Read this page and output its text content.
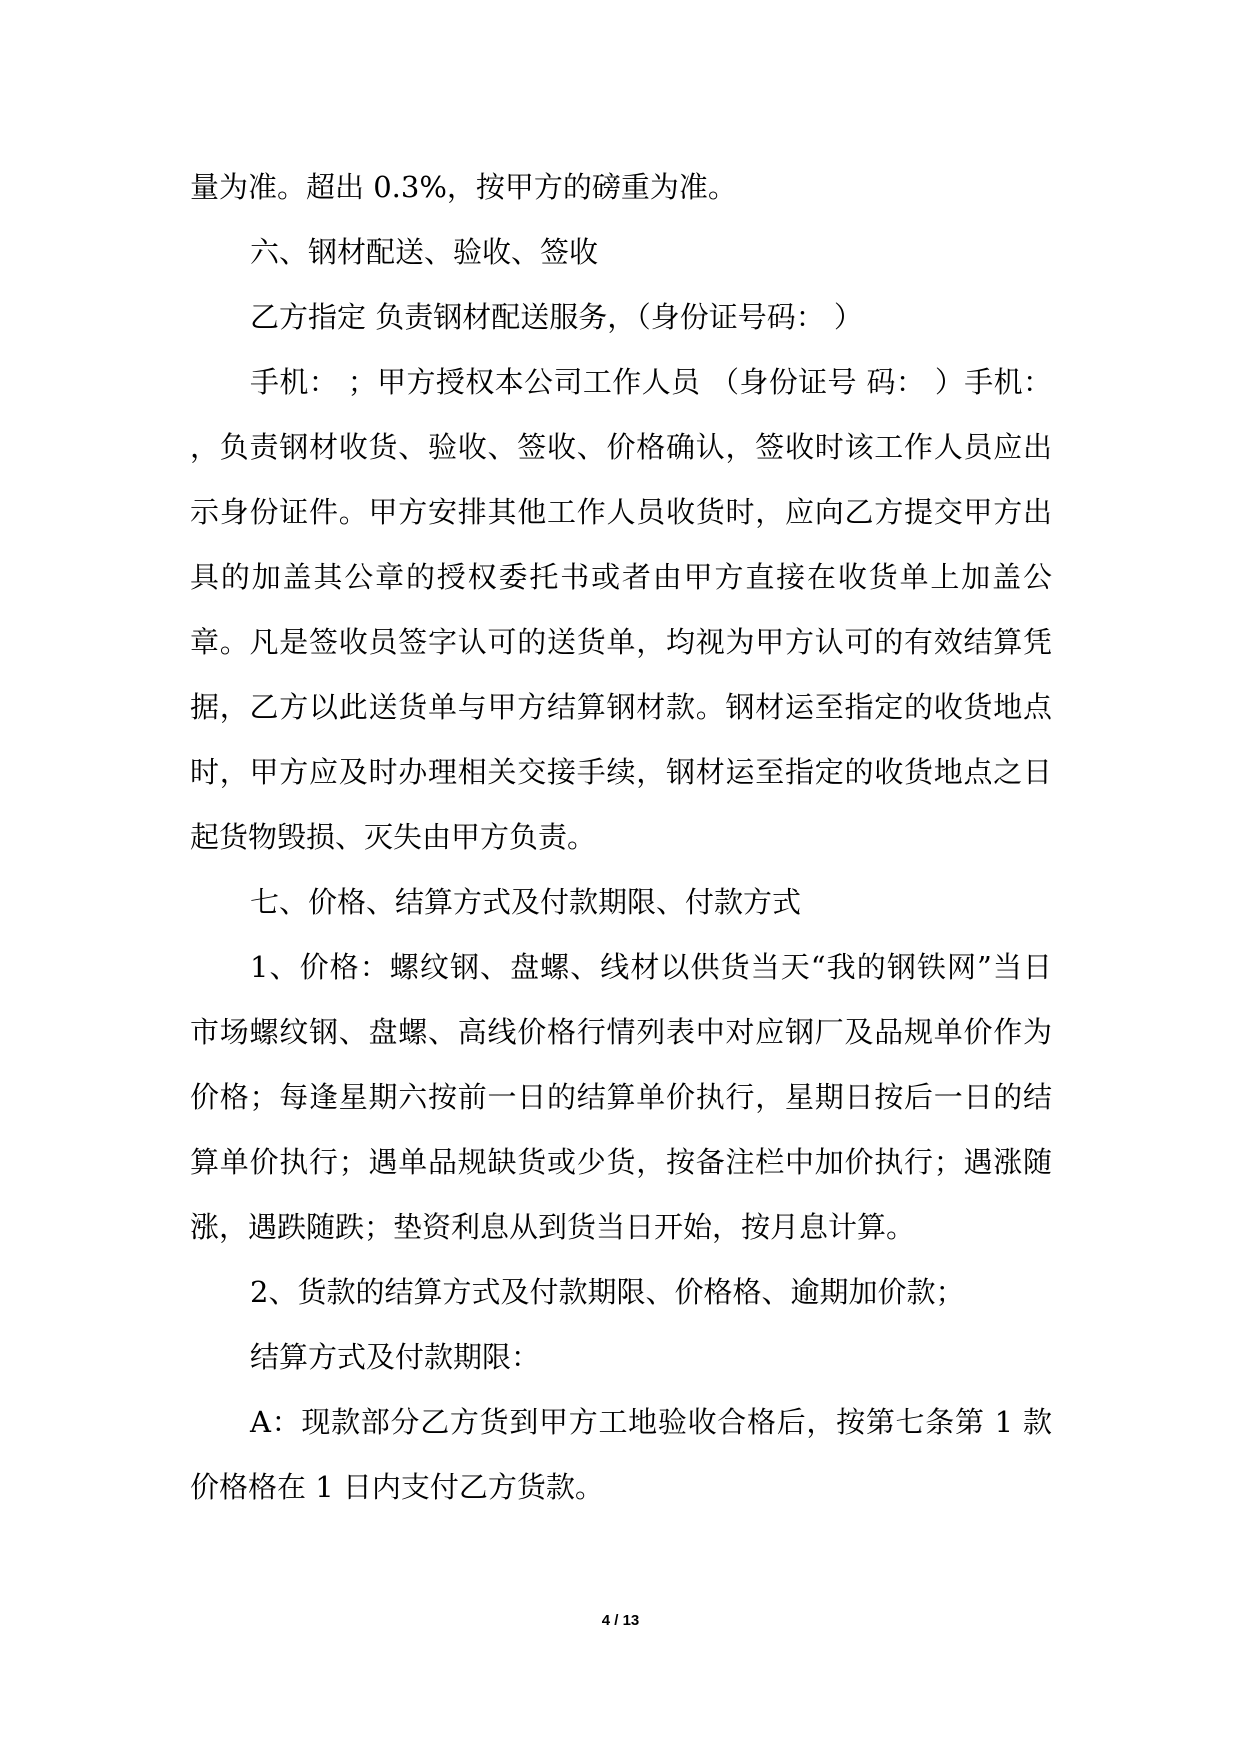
量为准。超出 0.3%，按甲方的磅重为准。

六、钢材配送、验收、签收

乙方指定 负责钢材配送服务，（身份证号码： ）

手机： ；甲方授权本公司工作人员 （身份证号 码： ）手机： ，负责钢材收货、验收、签收、价格确认，签收时该工作人员应出示身份证件。甲方安排其他工作人员收货时，应向乙方提交甲方出具的加盖其公章的授权委托书或者由甲方直接在收货单上加盖公章。凡是签收员签字认可的送货单，均视为甲方认可的有效结算凭据，乙方以此送货单与甲方结算钢材款。钢材运至指定的收货地点时，甲方应及时办理相关交接手续，钢材运至指定的收货地点之日起货物毁损、灭失由甲方负责。

七、价格、结算方式及付款期限、付款方式

1、价格：螺纹钢、盘螺、线材以供货当天“我的钢铁网”当日 市场螺纹钢、盘螺、高线价格行情列表中对应钢厂及品规单价作为价格；每逢星期六按前一日的结算单价执行，星期日按后一日的结算单价执行；遇单品规缺货或少货，按备注栏中加价执行；遇涨随涨，遇跌随跌；垫资利息从到货当日开始，按月息计算。

2、货款的结算方式及付款期限、价格格、逾期加价款；

结算方式及付款期限：

A：现款部分乙方货到甲方工地验收合格后，按第七条第 1 款价格格在 1 日内支付乙方货款。

4 / 13
